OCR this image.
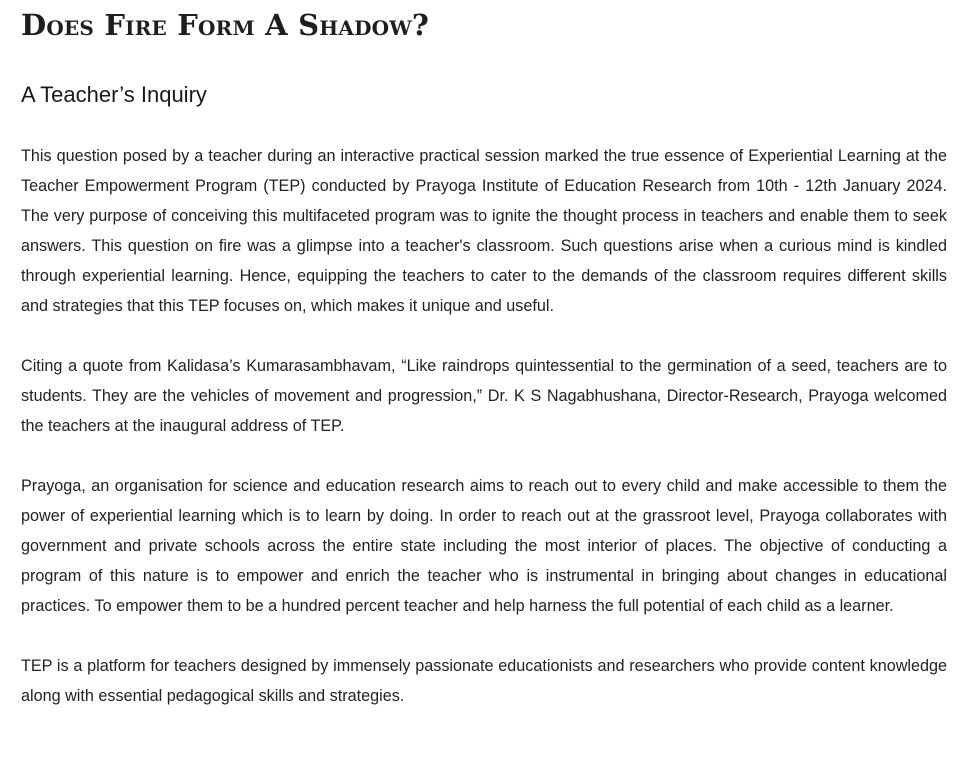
Does Fire Form A Shadow?
A Teacher’s Inquiry

This question posed by a teacher during an interactive practical session marked the true essence of Experiential Learning at the Teacher Empowerment Program (TEP) conducted by Prayoga Institute of Education Research from 10th - 12th January 2024. The very purpose of conceiving this multifaceted program was to ignite the thought process in teachers and enable them to seek answers. This question on fire was a glimpse into a teacher's classroom. Such questions arise when a curious mind is kindled through experiential learning. Hence, equipping the teachers to cater to the demands of the classroom requires different skills and strategies that this TEP focuses on, which makes it unique and useful.

Citing a quote from Kalidasa’s Kumarasambhavam, “Like raindrops quintessential to the germination of a seed, teachers are to students. They are the vehicles of movement and progression,” Dr. K S Nagabhushana, Director-Research, Prayoga welcomed the teachers at the inaugural address of TEP.

Prayoga, an organisation for science and education research aims to reach out to every child and make accessible to them the power of experiential learning which is to learn by doing. In order to reach out at the grassroot level, Prayoga collaborates with government and private schools across the entire state including the most interior of places. The objective of conducting a program of this nature is to empower and enrich the teacher who is instrumental in bringing about changes in educational practices. To empower them to be a hundred percent teacher and help harness the full potential of each child as a learner.

TEP is a platform for teachers designed by immensely passionate educationists and researchers who provide content knowledge along with essential pedagogical skills and strategies.
